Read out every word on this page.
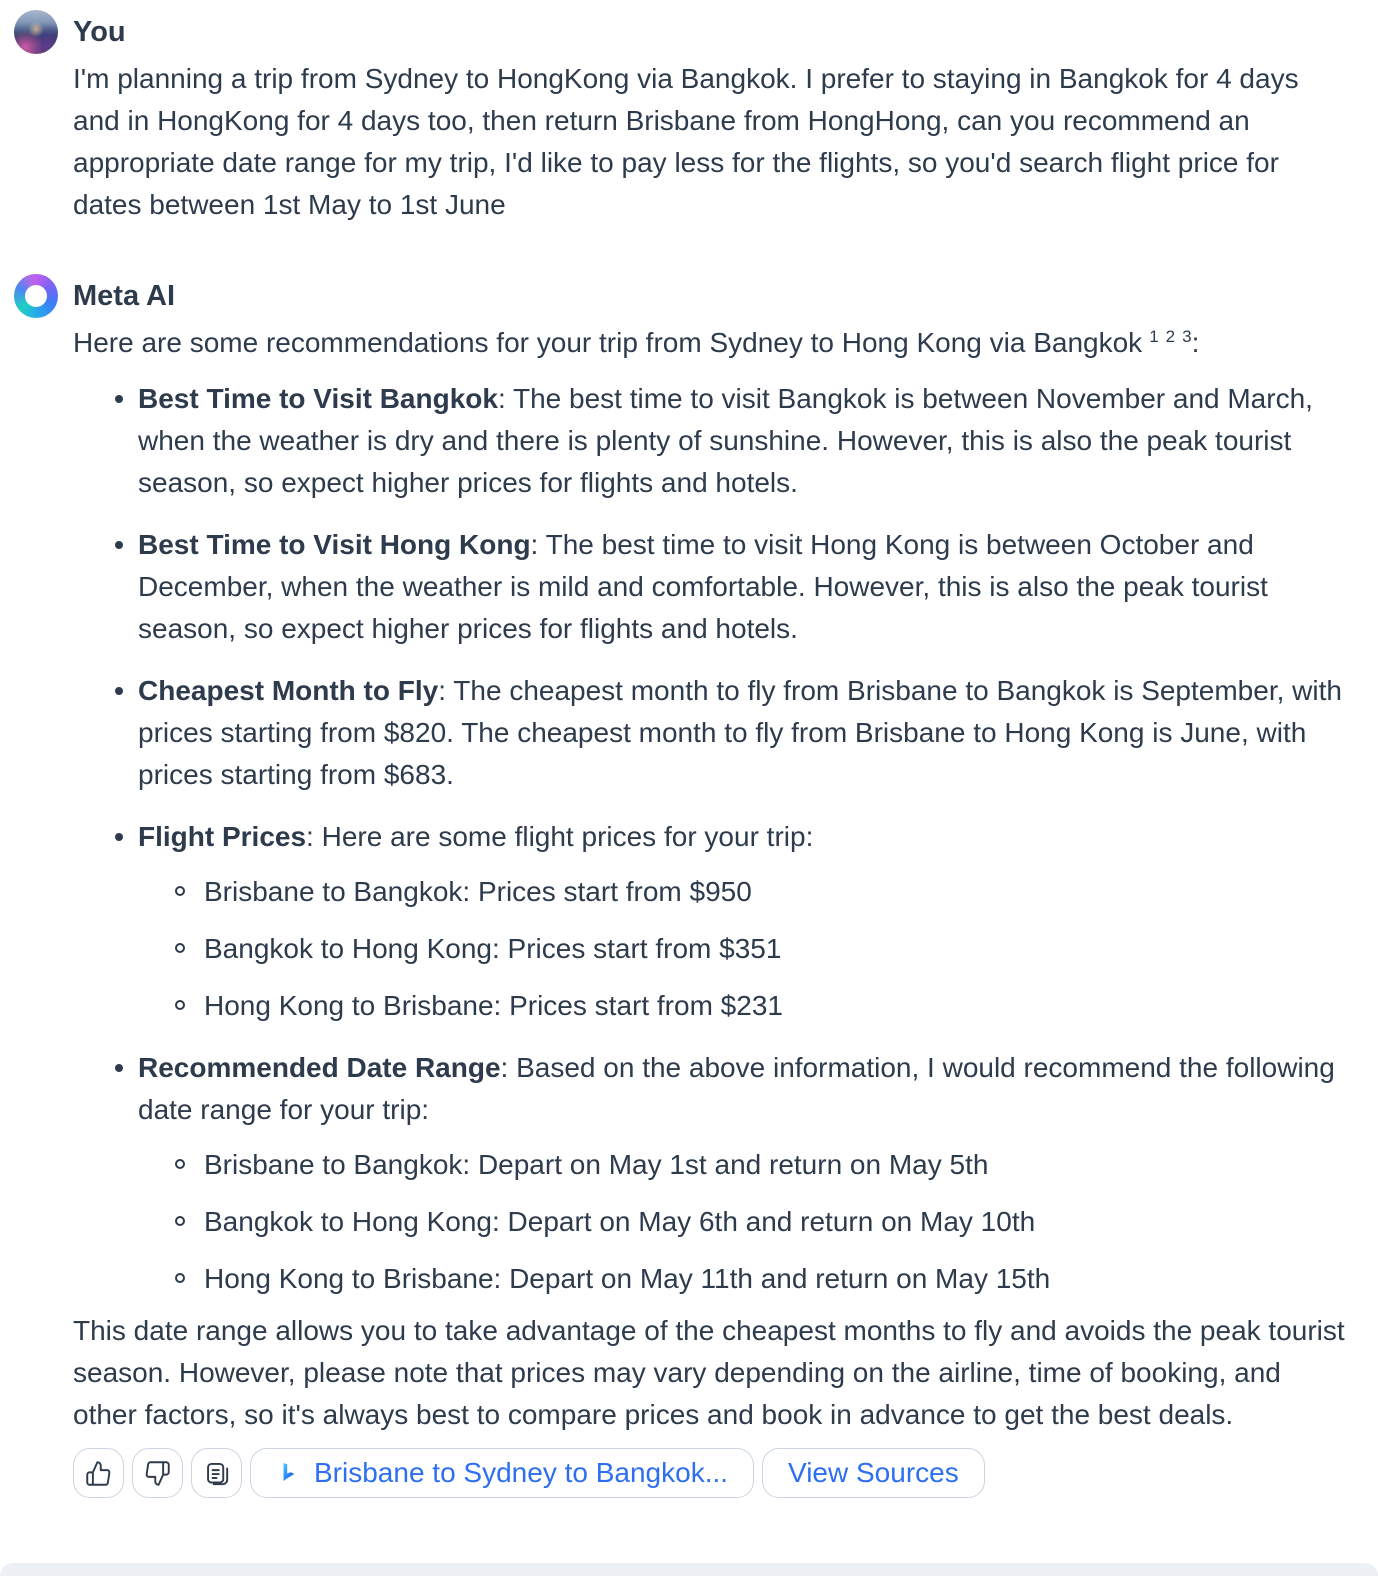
You
I'm planning a trip from Sydney to HongKong via Bangkok. I prefer to staying in Bangkok for 4 days and in HongKong for 4 days too, then return Brisbane from HongHong, can you recommend an appropriate date range for my trip, I'd like to pay less for the flights, so you'd search flight price for dates between 1st May to 1st June
Meta AI

Here are some recommendations for your trip from Sydney to Hong Kong via Bangkok $^1$ $^2$ $^3$:

Best Time to Visit Bangkok: The best time to visit Bangkok is between November and March, when the weather is dry and there is plenty of sunshine. However, this is also the peak tourist season, so expect higher prices for flights and hotels.
Best Time to Visit Hong Kong: The best time to visit Hong Kong is between October and December, when the weather is mild and comfortable. However, this is also the peak tourist season, so expect higher prices for flights and hotels.
Cheapest Month to Fly: The cheapest month to fly from Brisbane to Bangkok is September, with prices starting from $820. The cheapest month to fly from Brisbane to Hong Kong is June, with prices starting from $683.
Flight Prices: Here are some flight prices for your trip:
Brisbane to Bangkok: Prices start from $950
Bangkok to Hong Kong: Prices start from $351
Hong Kong to Brisbane: Prices start from $231
Recommended Date Range: Based on the above information, I would recommend the following date range for your trip:
Brisbane to Bangkok: Depart on May 1st and return on May 5th
Bangkok to Hong Kong: Depart on May 6th and return on May 10th
Hong Kong to Brisbane: Depart on May 11th and return on May 15th

This date range allows you to take advantage of the cheapest months to fly and avoids the peak tourist season. However, please note that prices may vary depending on the airline, time of booking, and other factors, so it's always best to compare prices and book in advance to get the best deals.

Brisbane to Sydney to Bangkok... View Sources
